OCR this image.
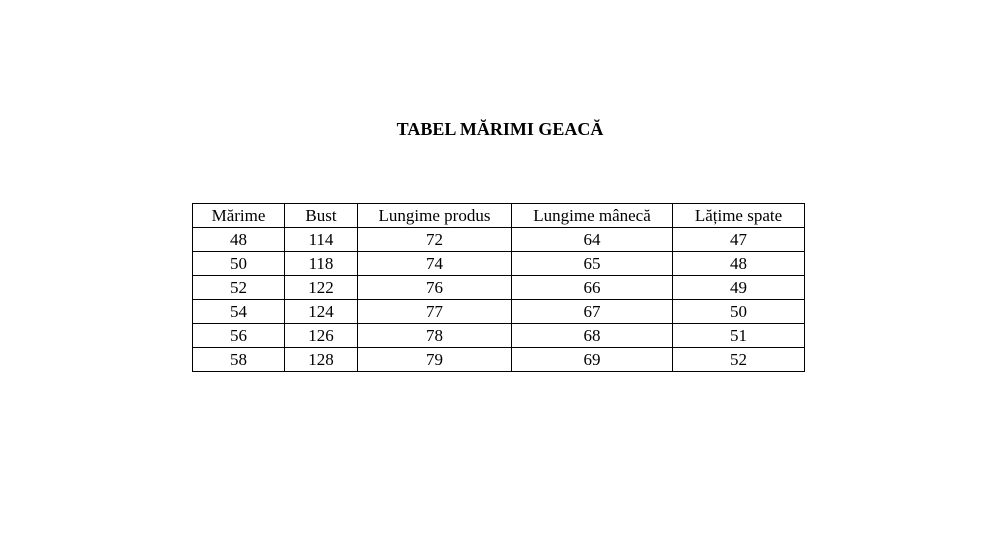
TABEL MĂRIMI GEACĂ
Mărime	Bust	Lungime produs	Lungime mânecă	Lățime spate
48	114	72	64	47
50	118	74	65	48
52	122	76	66	49
54	124	77	67	50
56	126	78	68	51
58	128	79	69	52
